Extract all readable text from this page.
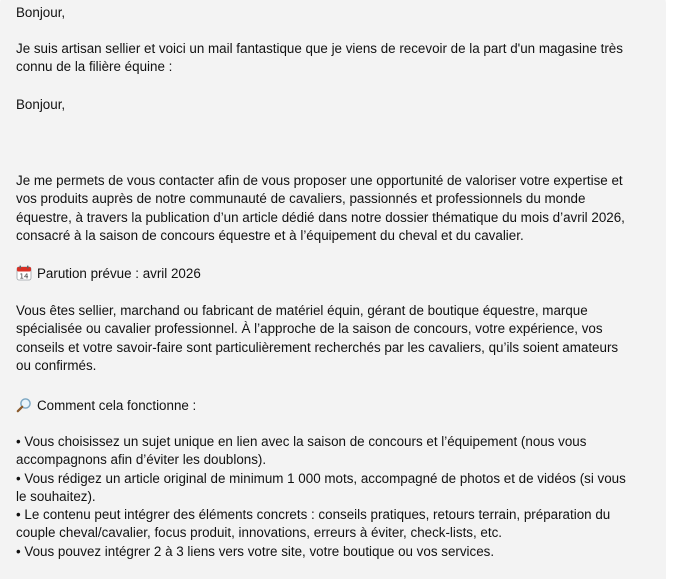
Bonjour,

Je suis artisan sellier et voici un mail fantastique que je viens de recevoir de la part d'un magasine très
connu de la filière équine :

Bonjour,

Je me permets de vous contacter afin de vous proposer une opportunité de valoriser votre expertise et
vos produits auprès de notre communauté de cavaliers, passionnés et professionnels du monde
équestre, à travers la publication d’un article dédié dans notre dossier thématique du mois d’avril 2026,
consacré à la saison de concours équestre et à l’équipement du cheval et du cavalier.

14 Parution prévue : avril 2026

Vous êtes sellier, marchand ou fabricant de matériel équin, gérant de boutique équestre, marque
spécialisée ou cavalier professionnel. À l’approche de la saison de concours, votre expérience, vos
conseils et votre savoir-faire sont particulièrement recherchés par les cavaliers, qu’ils soient amateurs
ou confirmés.

Comment cela fonctionne :

• Vous choisissez un sujet unique en lien avec la saison de concours et l’équipement (nous vous
accompagnons afin d’éviter les doublons).
• Vous rédigez un article original de minimum 1 000 mots, accompagné de photos et de vidéos (si vous
le souhaitez).
• Le contenu peut intégrer des éléments concrets : conseils pratiques, retours terrain, préparation du
couple cheval/cavalier, focus produit, innovations, erreurs à éviter, check-lists, etc.
• Vous pouvez intégrer 2 à 3 liens vers votre site, votre boutique ou vos services.
